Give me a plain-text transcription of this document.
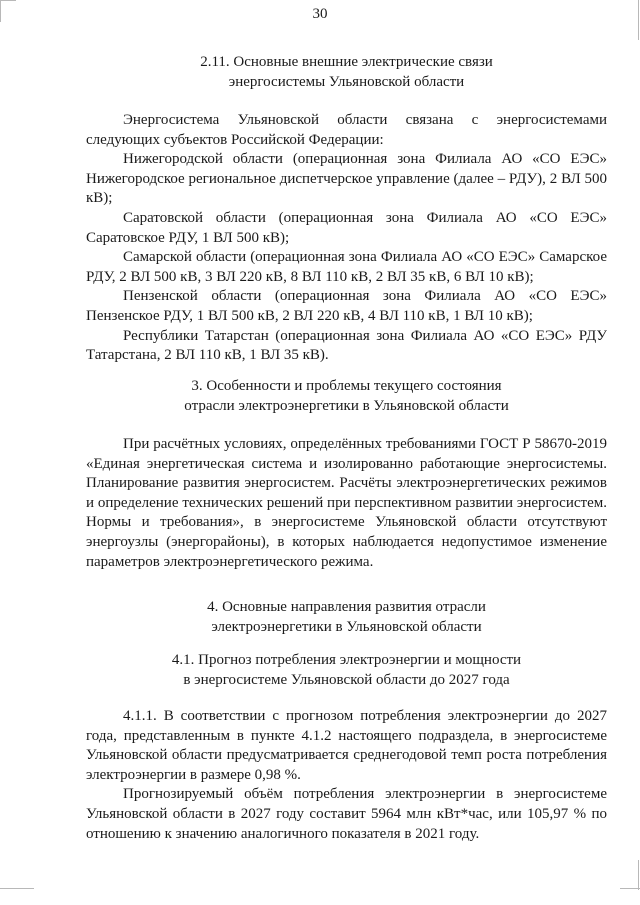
30
2.11. Основные внешние электрические связи
энергосистемы Ульяновской области

Энергосистема Ульяновской области связана с энергосистемами следующих субъектов Российской Федерации:

Нижегородской области (операционная зона Филиала АО «СО ЕЭС» Нижегородское региональное диспетчерское управление (далее – РДУ), 2 ВЛ 500 кВ);

Саратовской области (операционная зона Филиала АО «СО ЕЭС» Саратовское РДУ, 1 ВЛ 500 кВ);

Самарской области (операционная зона Филиала АО «СО ЕЭС» Самарское РДУ, 2 ВЛ 500 кВ, 3 ВЛ 220 кВ, 8 ВЛ 110 кВ, 2 ВЛ 35 кВ, 6 ВЛ 10 кВ);

Пензенской области (операционная зона Филиала АО «СО ЕЭС» Пензенское РДУ, 1 ВЛ 500 кВ, 2 ВЛ 220 кВ, 4 ВЛ 110 кВ, 1 ВЛ 10 кВ);

Республики Татарстан (операционная зона Филиала АО «СО ЕЭС» РДУ Татарстана, 2 ВЛ 110 кВ, 1 ВЛ 35 кВ).

3. Особенности и проблемы текущего состояния
отрасли электроэнергетики в Ульяновской области

При расчётных условиях, определённых требованиями ГОСТ Р 58670-2019 «Единая энергетическая система и изолированно работающие энергосистемы. Планирование развития энергосистем. Расчёты электроэнергетических режимов и определение технических решений при перспективном развитии энергосистем. Нормы и требования», в энергосистеме Ульяновской области отсутствуют энергоузлы (энергорайоны), в которых наблюдается недопустимое изменение параметров электроэнергетического режима.

4. Основные направления развития отрасли
электроэнергетики в Ульяновской области
4.1. Прогноз потребления электроэнергии и мощности
в энергосистеме Ульяновской области до 2027 года

4.1.1. В соответствии с прогнозом потребления электроэнергии до 2027 года, представленным в пункте 4.1.2 настоящего подраздела, в энергосистеме Ульяновской области предусматривается среднегодовой темп роста потребления электроэнергии в размере 0,98 %.

Прогнозируемый объём потребления электроэнергии в энергосистеме Ульяновской области в 2027 году составит 5964 млн кВт*час, или 105,97 % по отношению к значению аналогичного показателя в 2021 году.
